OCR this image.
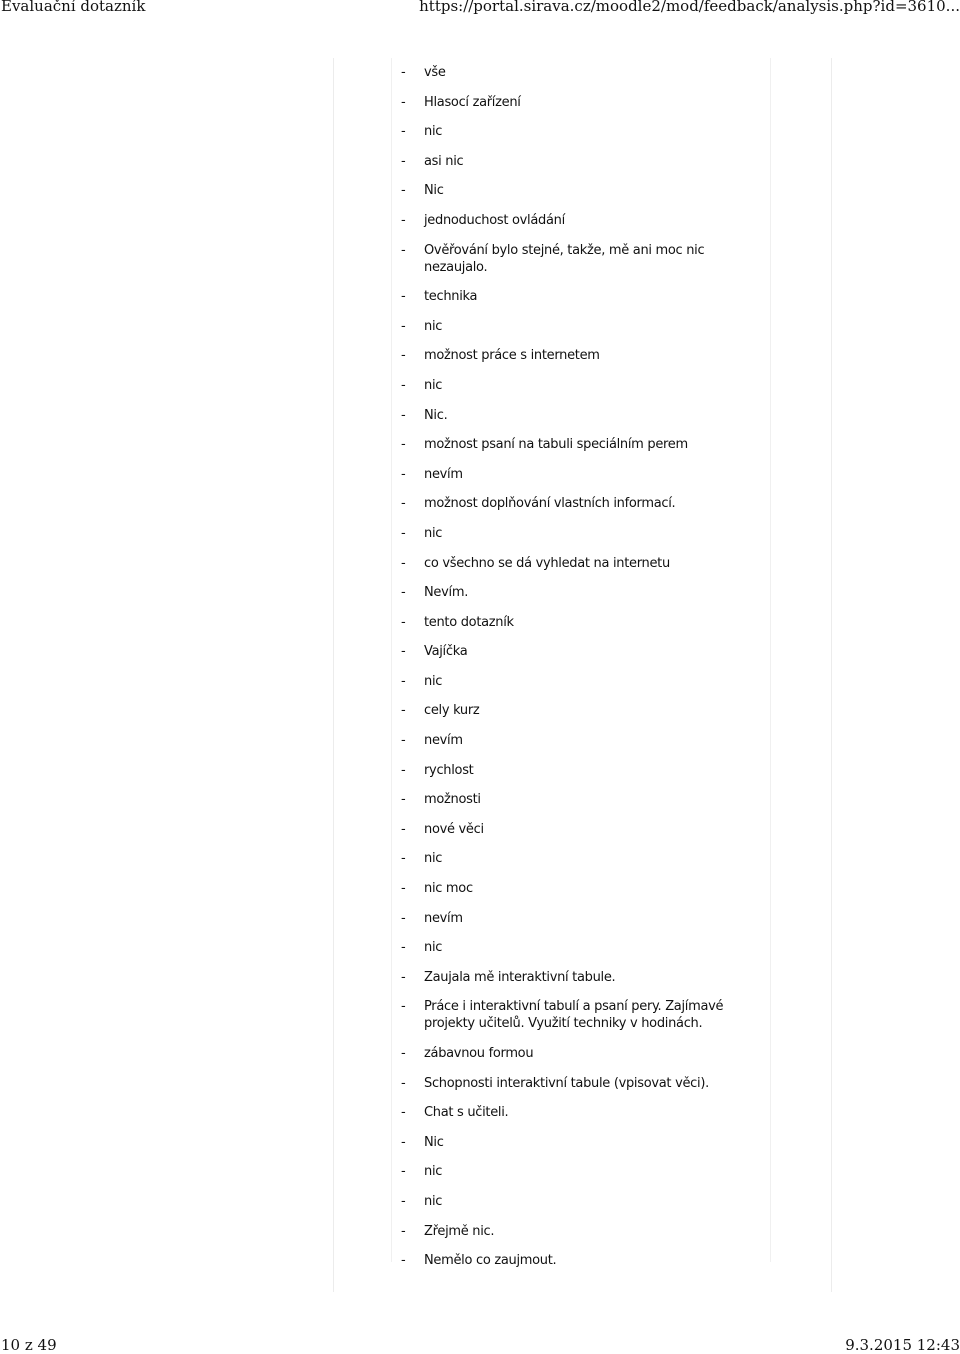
Evaluační dotazník	https://portal.sirava.cz/moodle2/mod/feedback/analysis.php?id=3610...
- vše
- Hlasocí zařízení
- nic
- asi nic
- Nic
- jednoduchost ovládání
- Ověřování bylo stejné, takže, mě ani moc nic nezaujalo.
- technika
- nic
- možnost práce s internetem
- nic
- Nic.
- možnost psaní na tabuli speciálním perem
- nevím
- možnost doplňování vlastních informací.
- nic
- co všechno se dá vyhledat na internetu
- Nevím.
- tento dotazník
- Vajíčka
- nic
- cely kurz
- nevím
- rychlost
- možnosti
- nové věci
- nic
- nic moc
- nevím
- nic
- Zaujala mě interaktivní tabule.
- Práce i interaktivní tabulí a psaní pery. Zajímavé projekty učitelů. Využití techniky v hodinách.
- zábavnou formou
- Schopnosti interaktivní tabule (vpisovat věci).
- Chat s učiteli.
- Nic
- nic
- nic
- Zřejmě nic.
- Nemělo co zaujmout.
10 z 49	9.3.2015 12:43
